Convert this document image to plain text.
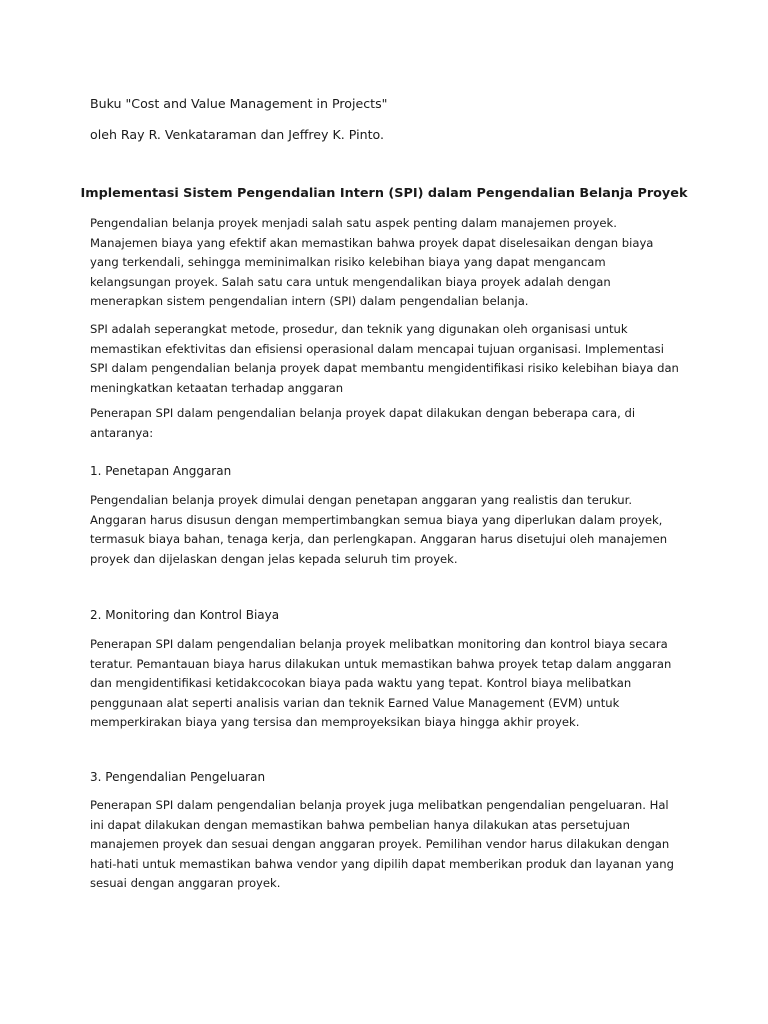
Buku "Cost and Value Management in Projects"
oleh Ray R. Venkataraman dan Jeffrey K. Pinto.
Implementasi Sistem Pengendalian Intern (SPI) dalam Pengendalian Belanja Proyek
Pengendalian belanja proyek menjadi salah satu aspek penting dalam manajemen proyek. Manajemen biaya yang efektif akan memastikan bahwa proyek dapat diselesaikan dengan biaya yang terkendali, sehingga meminimalkan risiko kelebihan biaya yang dapat mengancam kelangsungan proyek. Salah satu cara untuk mengendalikan biaya proyek adalah dengan menerapkan sistem pengendalian intern (SPI) dalam pengendalian belanja.
SPI adalah seperangkat metode, prosedur, dan teknik yang digunakan oleh organisasi untuk memastikan efektivitas dan efisiensi operasional dalam mencapai tujuan organisasi. Implementasi SPI dalam pengendalian belanja proyek dapat membantu mengidentifikasi risiko kelebihan biaya dan meningkatkan ketaatan terhadap anggaran
Penerapan SPI dalam pengendalian belanja proyek dapat dilakukan dengan beberapa cara, di antaranya:
1. Penetapan Anggaran
Pengendalian belanja proyek dimulai dengan penetapan anggaran yang realistis dan terukur. Anggaran harus disusun dengan mempertimbangkan semua biaya yang diperlukan dalam proyek, termasuk biaya bahan, tenaga kerja, dan perlengkapan. Anggaran harus disetujui oleh manajemen proyek dan dijelaskan dengan jelas kepada seluruh tim proyek.
2. Monitoring dan Kontrol Biaya
Penerapan SPI dalam pengendalian belanja proyek melibatkan monitoring dan kontrol biaya secara teratur. Pemantauan biaya harus dilakukan untuk memastikan bahwa proyek tetap dalam anggaran dan mengidentifikasi ketidakcocokan biaya pada waktu yang tepat. Kontrol biaya melibatkan penggunaan alat seperti analisis varian dan teknik Earned Value Management (EVM) untuk memperkirakan biaya yang tersisa dan memproyeksikan biaya hingga akhir proyek.
3. Pengendalian Pengeluaran
Penerapan SPI dalam pengendalian belanja proyek juga melibatkan pengendalian pengeluaran. Hal ini dapat dilakukan dengan memastikan bahwa pembelian hanya dilakukan atas persetujuan manajemen proyek dan sesuai dengan anggaran proyek. Pemilihan vendor harus dilakukan dengan hati-hati untuk memastikan bahwa vendor yang dipilih dapat memberikan produk dan layanan yang sesuai dengan anggaran proyek.
